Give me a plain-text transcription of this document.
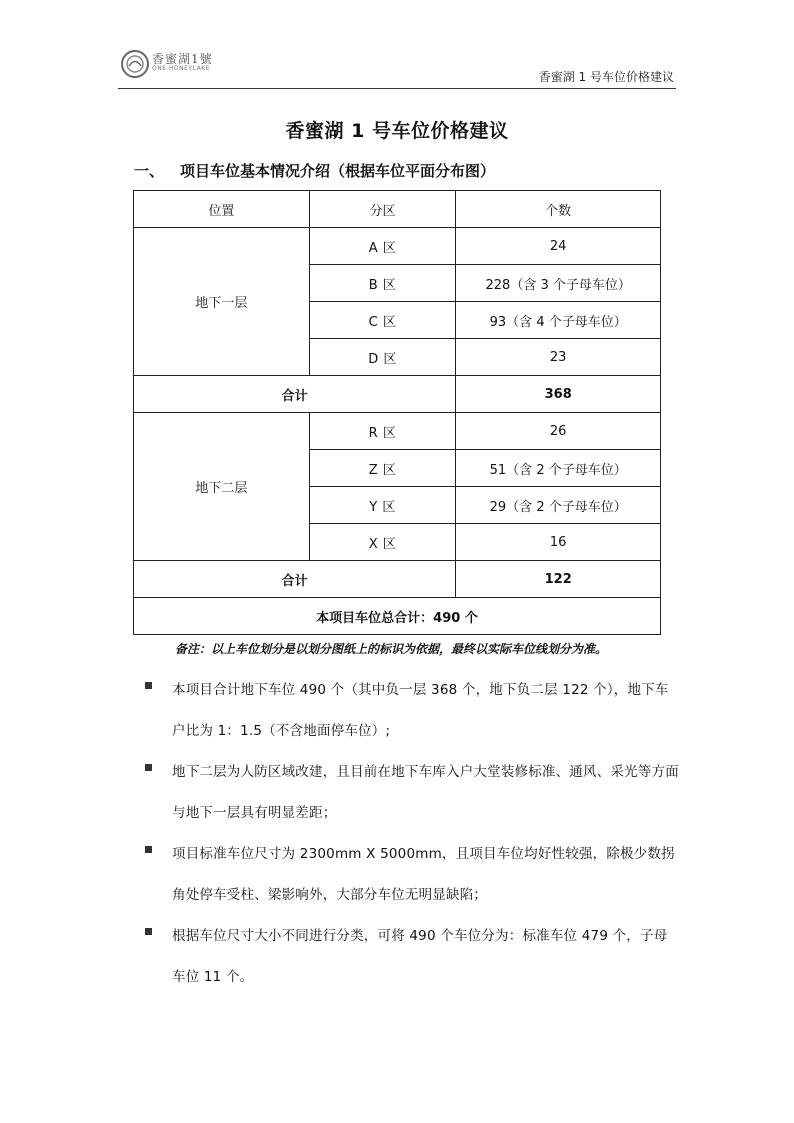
香蜜湖1號
ONE HONEYLAKE
香蜜湖 1 号车位价格建议
香蜜湖 1 号车位价格建议
一、 项目车位基本情况介绍（根据车位平面分布图）
位置	分区	个数
地下一层	A 区	24
	B 区	228（含 3 个子母车位）
	C 区	93（含 4 个子母车位）
	D 区	23
合计		368
地下二层	R 区	26
	Z 区	51（含 2 个子母车位）
	Y 区	29（含 2 个子母车位）
	X 区	16
合计		122
本项目车位总合计：490 个		
备注：以上车位划分是以划分图纸上的标识为依据，最终以实际车位线划分为准。
本项目合计地下车位 490 个（其中负一层 368 个，地下负二层 122 个），地下车户比为 1：1.5（不含地面停车位）;
地下二层为人防区域改建，且目前在地下车库入户大堂装修标准、通风、采光等方面与地下一层具有明显差距；
项目标准车位尺寸为 2300mm X 5000mm，且项目车位均好性较强，除极少数拐角处停车受柱、梁影响外，大部分车位无明显缺陷；
根据车位尺寸大小不同进行分类，可将 490 个车位分为：标准车位 479 个，子母车位 11 个。
